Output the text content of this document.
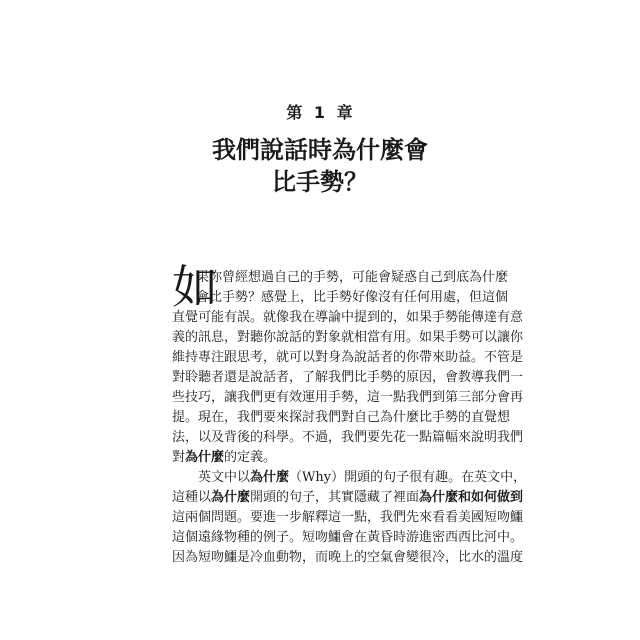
第 1 章
我們說話時為什麼會
比手勢？
如
果你曾經想過自己的手勢，可能會疑惑自己到底為什麼
會比手勢？感覺上，比手勢好像沒有任何用處，但這個
直覺可能有誤。就像我在導論中提到的，如果手勢能傳達有意
義的訊息，對聽你說話的對象就相當有用。如果手勢可以讓你
維持專注跟思考，就可以對身為說話者的你帶來助益。不管是
對聆聽者還是說話者，了解我們比手勢的原因，會教導我們一
些技巧，讓我們更有效運用手勢，這一點我們到第三部分會再
提。現在，我們要來探討我們對自己為什麼比手勢的直覺想
法，以及背後的科學。不過，我們要先花一點篇幅來說明我們
對為什麼的定義。
英文中以為什麼（Why）開頭的句子很有趣。在英文中，
這種以為什麼開頭的句子，其實隱藏了裡面為什麼和如何做到
這兩個問題。要進一步解釋這一點，我們先來看看美國短吻鱷
這個遠緣物種的例子。短吻鱷會在黃昏時游進密西西比河中。
因為短吻鱷是冷血動物，而晚上的空氣會變很冷，比水的溫度
